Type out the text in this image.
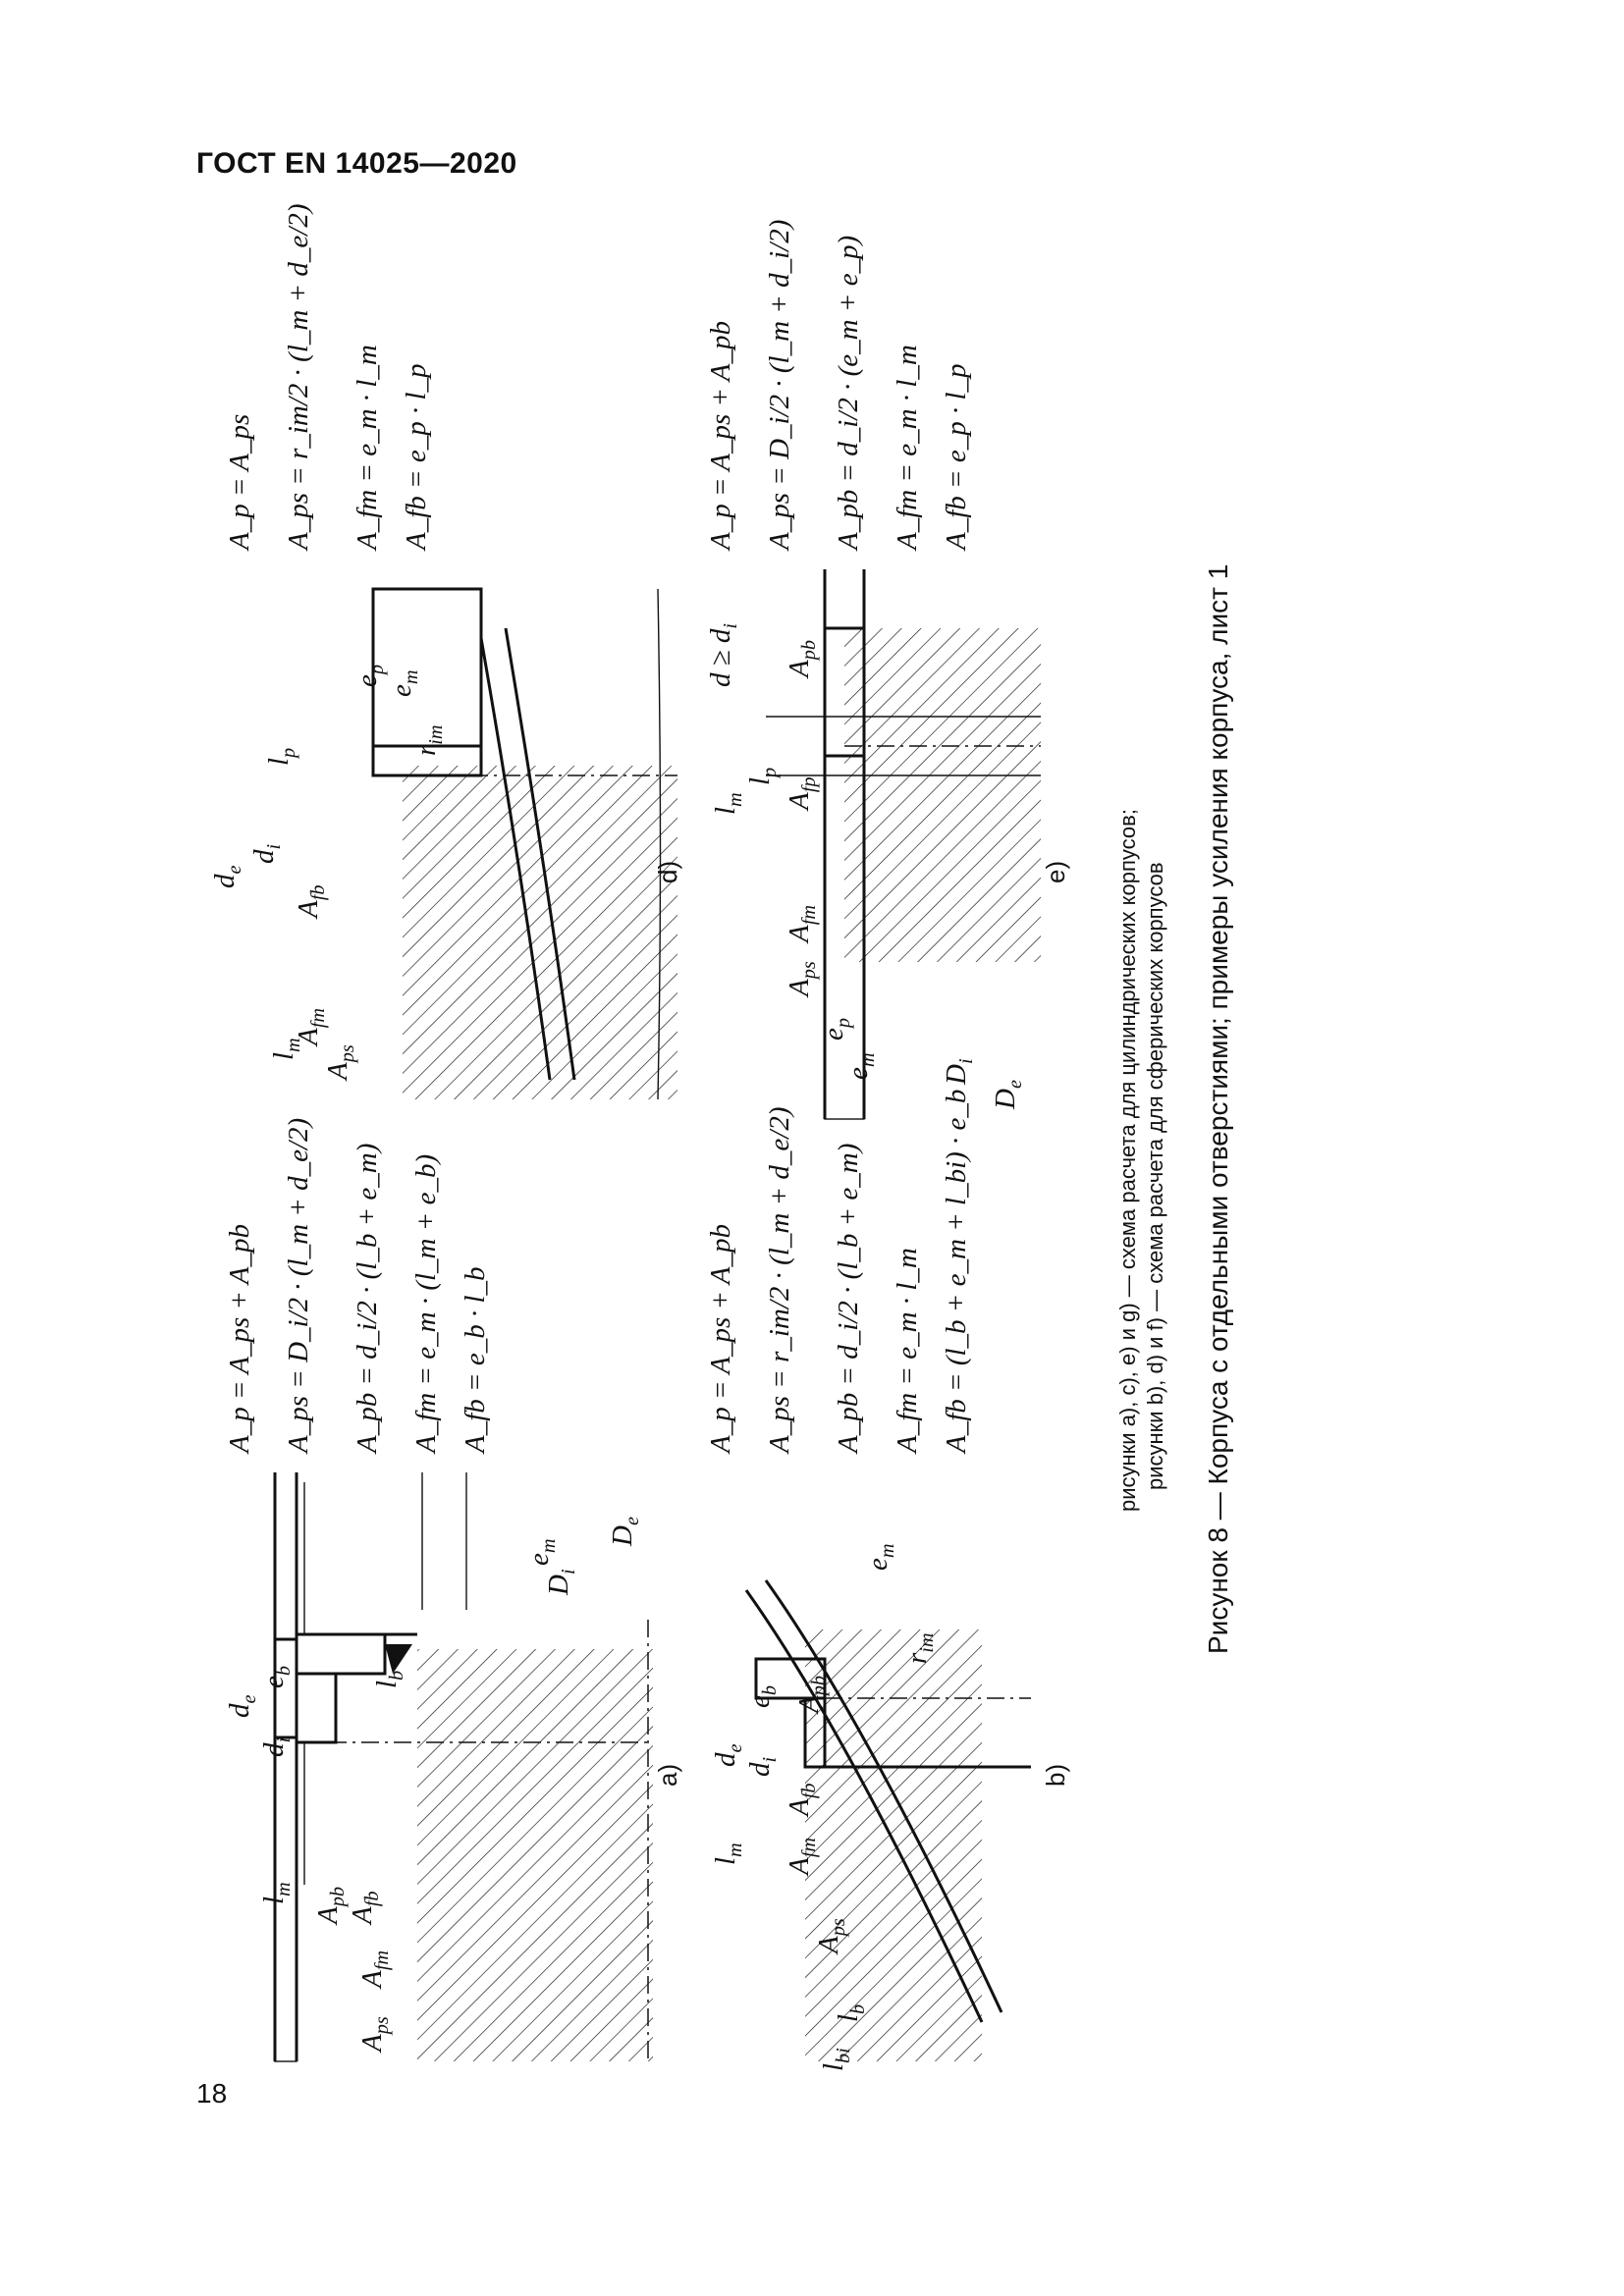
ГОСТ EN 14025—2020
18
A_p = A_ps + A_pb A_ps = D_i/2 · (l_m + d_e/2) A_pb = d_i/2 · (l_b + e_m) A_fm = e_m · (l_m + e_b) A_fb = e_b · l_b	A_p = A_ps + A_pb A_ps = r_im/2 · (l_m + d_e/2) A_pb = d_i/2 · (l_b + e_m) A_fm = e_m · l_m A_fb = (l_b + e_m + l_bi) · e_b
A_p = A_ps A_ps = r_im/2 · (l_m + d_e/2) A_fm = e_m · l_m A_fb = e_p · l_p	A_p = A_ps + A_pb A_ps = D_i/2 · (l_m + d_i/2) A_pb = d_i/2 · (e_m + e_p) A_fm = e_m · l_m A_fb = e_p · l_p
a)	b)
d)	e)
$d_e$
$d_i$
$e_b$
$l_m$
$A_{pb}$
$A_{fb}$
$A_{fm}$
$A_{ps}$
$l_b$
$D_i$
$D_e$
$e_m$
$d_e$
$d_i$
$e_b$
$l_m$
$A_{pb}$
$A_{fb}$
$A_{fm}$
$A_{ps}$
$l_b$
$l_{bi}$
$r_{im}$
$e_m$
$d_e$
$d_i$
$l_p$
$A_{fb}$
$l_m$
$A_{fm}$
$A_{ps}$
$e_p$
$e_m$
$r_{im}$
$d \ge d_i$
$l_m$
$l_p$
$A_{pb}$
$A_{fp}$
$A_{fm}$
$A_{ps}$
$e_p$
$e_m$
$D_i$
$D_e$	рисунки а), c), e) и g) — схема расчета для цилиндрических корпусов; рисунки b), d) и f) — схема расчета для сферических корпусов Рисунок 8 — Корпуса с отдельными отверстиями; примеры усиления корпуса, лист 1
